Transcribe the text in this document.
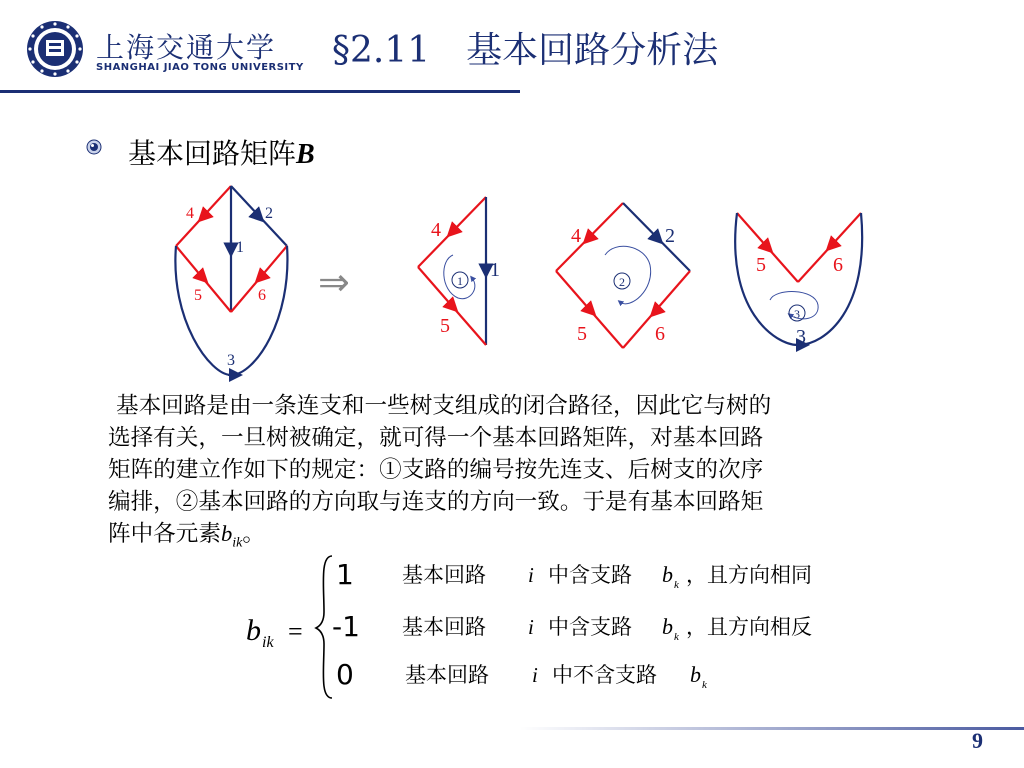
上海交通大学
SHANGHAI JIAO TONG UNIVERSITY §2.11　基本回路分析法
基本回路矩阵B
4	2
1
5	6
3
⇒	1
4
1
5
2
4	2
5	6
3
5	6
3
基本回路是由一条连支和一些树支组成的闭合路径，因此它与树的
选择有关，一旦树被确定，就可得一个基本回路矩阵，对基本回路
矩阵的建立作如下的规定：①支路的编号按先连支、后树支的次序
编排，②基本回路的方向取与连支的方向一致。于是有基本回路矩
阵中各元素$b_{ik}$。
b ik =
1 基本回路 i 中含支路 b k ，且方向相同
-1 基本回路 i 中含支路 b k ，且方向相反
0 基本回路 i 中不含支路 b k
9
